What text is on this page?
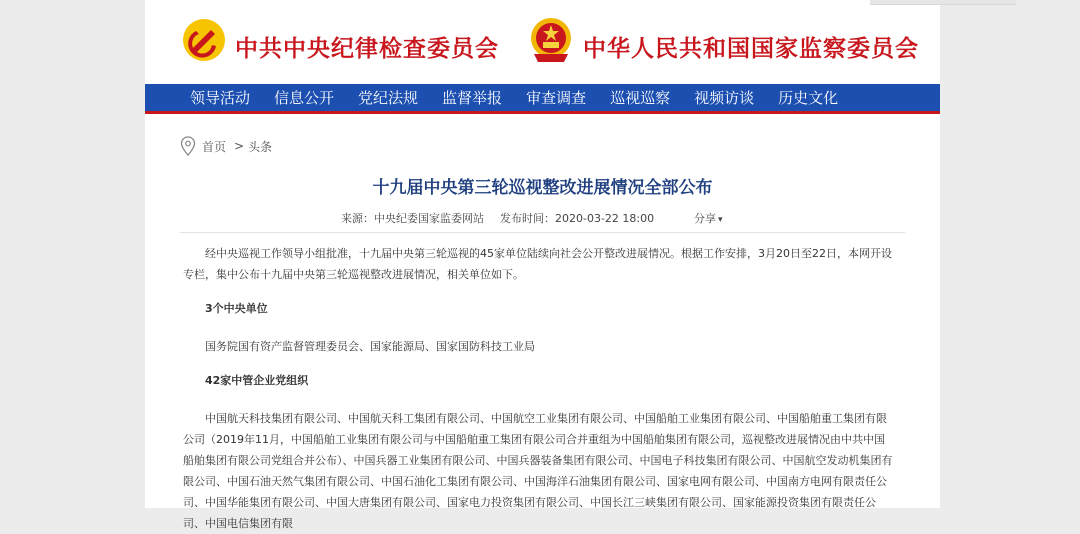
中共中央纪律检查委员会	中华人民共和国国家监察委员会
领导活动 信息公开 党纪法规 监督举报 审查调查 巡视巡察 视频访谈 历史文化
首页 > 头条
十九届中央第三轮巡视整改进展情况全部公布
来源：中央纪委国家监委网站 发布时间：2020-03-22 18:00	分享 ▾

经中央巡视工作领导小组批准，十九届中央第三轮巡视的45家单位陆续向社会公开整改进展情况。根据工作安排，3月20日至22日，本网开设专栏，集中公布十九届中央第三轮巡视整改进展情况，相关单位如下。

3个中央单位

国务院国有资产监督管理委员会、国家能源局、国家国防科技工业局

42家中管企业党组织

中国航天科技集团有限公司、中国航天科工集团有限公司、中国航空工业集团有限公司、中国船舶工业集团有限公司、中国船舶重工集团有限公司（2019年11月，中国船舶工业集团有限公司与中国船舶重工集团有限公司合并重组为中国船舶集团有限公司，巡视整改进展情况由中共中国船舶集团有限公司党组合并公布）、中国兵器工业集团有限公司、中国兵器装备集团有限公司、中国电子科技集团有限公司、中国航空发动机集团有限公司、中国石油天然气集团有限公司、中国石油化工集团有限公司、中国海洋石油集团有限公司、国家电网有限公司、中国南方电网有限责任公司、中国华能集团有限公司、中国大唐集团有限公司、国家电力投资集团有限公司、中国长江三峡集团有限公司、国家能源投资集团有限责任公司、中国电信集团有限
